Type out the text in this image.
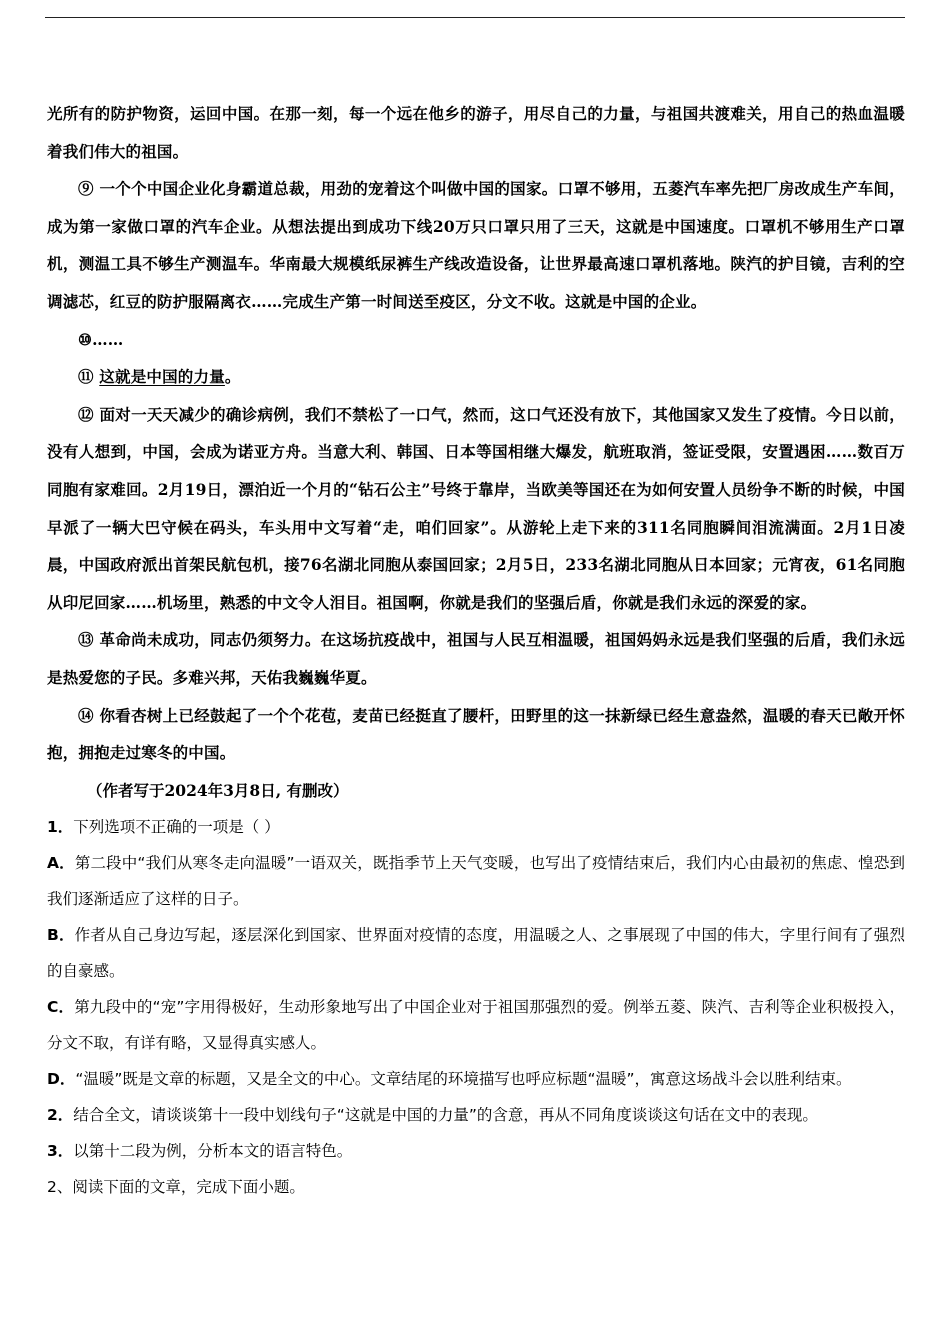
光所有的防护物资，运回中国。在那一刻，每一个远在他乡的游子，用尽自己的力量，与祖国共渡难关，用自己的热血温暖着我们伟大的祖国。

⑨ 一个个中国企业化身霸道总裁，用劲的宠着这个叫做中国的国家。口罩不够用，五菱汽车率先把厂房改成生产车间，成为第一家做口罩的汽车企业。从想法提出到成功下线20万只口罩只用了三天，这就是中国速度。口罩机不够用生产口罩机，测温工具不够生产测温车。华南最大规模纸尿裤生产线改造设备，让世界最高速口罩机落地。陕汽的护目镜，吉利的空调滤芯，红豆的防护服隔离衣……完成生产第一时间送至疫区，分文不收。这就是中国的企业。

⑩……

⑪ 这就是中国的力量。

⑫ 面对一天天减少的确诊病例，我们不禁松了一口气，然而，这口气还没有放下，其他国家又发生了疫情。今日以前，没有人想到，中国，会成为诺亚方舟。当意大利、韩国、日本等国相继大爆发，航班取消，签证受限，安置遇困……数百万同胞有家难回。2月19日，漂泊近一个月的“钻石公主”号终于靠岸，当欧美等国还在为如何安置人员纷争不断的时候，中国早派了一辆大巴守候在码头，车头用中文写着“走，咱们回家”。从游轮上走下来的311名同胞瞬间泪流满面。2月1日凌晨，中国政府派出首架民航包机，接76名湖北同胞从泰国回家；2月5日，233名湖北同胞从日本回家；元宵夜，61名同胞从印尼回家……机场里，熟悉的中文令人泪目。祖国啊，你就是我们的坚强后盾，你就是我们永远的深爱的家。

⑬ 革命尚未成功，同志仍须努力。在这场抗疫战中，祖国与人民互相温暖，祖国妈妈永远是我们坚强的后盾，我们永远是热爱您的子民。多难兴邦，天佑我巍巍华夏。

⑭ 你看杏树上已经鼓起了一个个花苞，麦苗已经挺直了腰杆，田野里的这一抹新绿已经生意盎然，温暖的春天已敞开怀抱，拥抱走过寒冬的中国。

（作者写于2024年3月8日, 有删改）

1．下列选项不正确的一项是（ ）

A．第二段中“我们从寒冬走向温暖”一语双关，既指季节上天气变暖，也写出了疫情结束后，我们内心由最初的焦虑、惶恐到我们逐渐适应了这样的日子。

B．作者从自己身边写起，逐层深化到国家、世界面对疫情的态度，用温暖之人、之事展现了中国的伟大，字里行间有了强烈的自豪感。

C．第九段中的“宠”字用得极好，生动形象地写出了中国企业对于祖国那强烈的爱。例举五菱、陕汽、吉利等企业积极投入，分文不取，有详有略，又显得真实感人。

D．“温暖”既是文章的标题，又是全文的中心。文章结尾的环境描写也呼应标题“温暖”，寓意这场战斗会以胜利结束。

2．结合全文，请谈谈第十一段中划线句子“这就是中国的力量”的含意，再从不同角度谈谈这句话在文中的表现。

3．以第十二段为例，分析本文的语言特色。

2、阅读下面的文章，完成下面小题。
